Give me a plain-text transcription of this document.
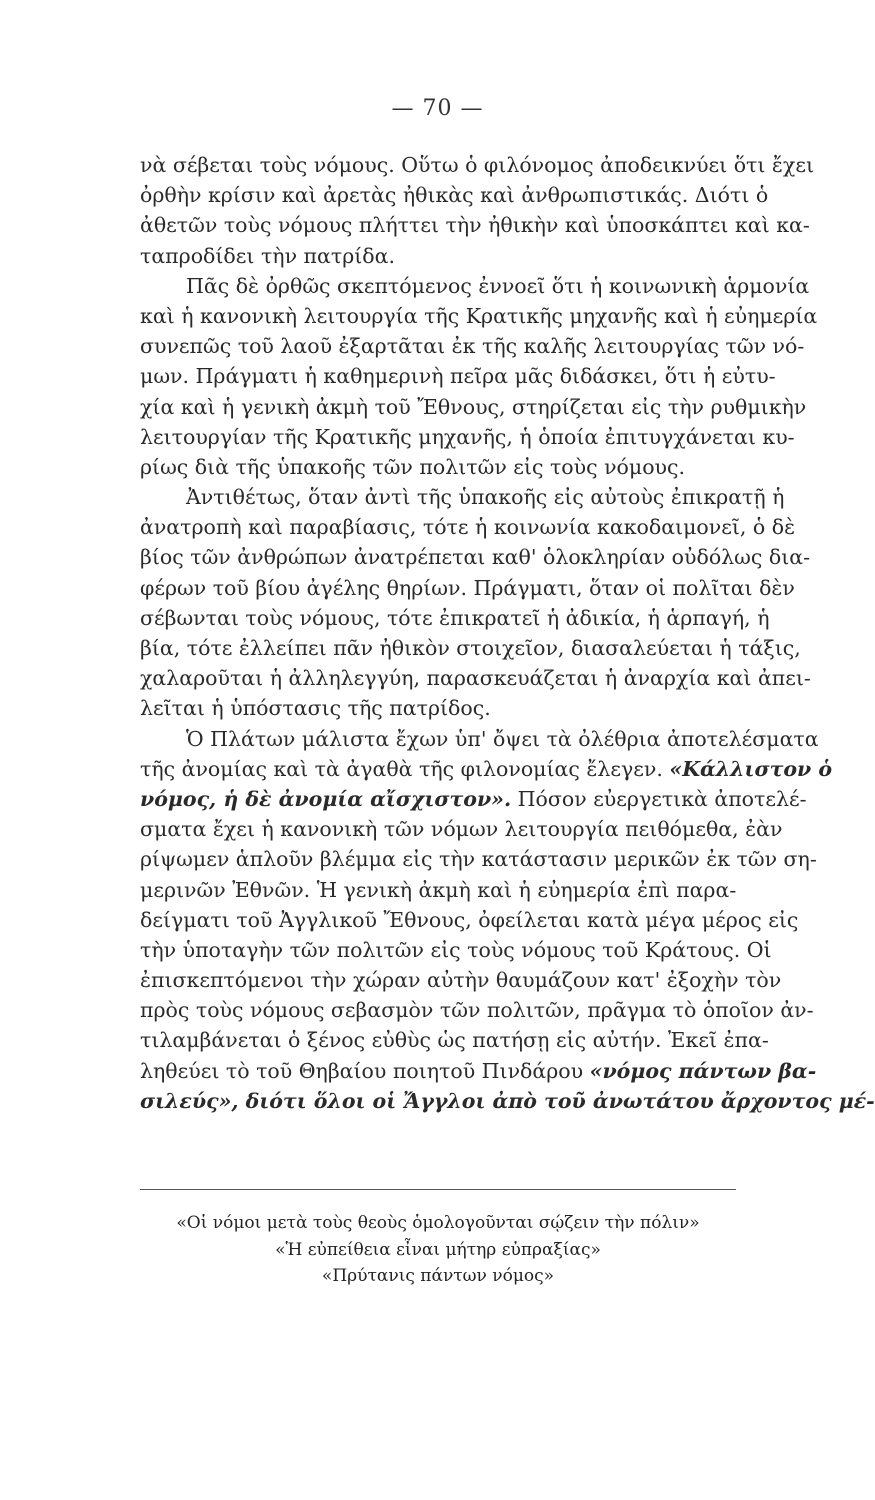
— 70 —
νὰ σέβεται τοὺς νόμους. Οὕτω ὁ φιλόνομος ἀποδεικνύει ὅτι ἔχει
ὀρθὴν κρίσιν καὶ ἀρετὰς ἠθικὰς καὶ ἀνθρωπιστικάς. Διότι ὁ
ἀθετῶν τοὺς νόμους πλήττει τὴν ἠθικὴν καὶ ὑποσκάπτει καὶ κα-
ταπροδίδει τὴν πατρίδα.
Πᾶς δὲ ὀρθῶς σκεπτόμενος ἐννοεῖ ὅτι ἡ κοινωνικὴ ἁρμονία
καὶ ἡ κανονικὴ λειτουργία τῆς Κρατικῆς μηχανῆς καὶ ἡ εὐημερία
συνεπῶς τοῦ λαοῦ ἐξαρτᾶται ἐκ τῆς καλῆς λειτουργίας τῶν νό-
μων. Πράγματι ἡ καθημερινὴ πεῖρα μᾶς διδάσκει, ὅτι ἡ εὐτυ-
χία καὶ ἡ γενικὴ ἀκμὴ τοῦ Ἔθνους, στηρίζεται εἰς τὴν ρυθμικὴν
λειτουργίαν τῆς Κρατικῆς μηχανῆς, ἡ ὁποία ἐπιτυγχάνεται κυ-
ρίως διὰ τῆς ὑπακοῆς τῶν πολιτῶν εἰς τοὺς νόμους.
Ἀντιθέτως, ὅταν ἀντὶ τῆς ὑπακοῆς εἰς αὐτοὺς ἐπικρατῇ ἡ
ἀνατροπὴ καὶ παραβίασις, τότε ἡ κοινωνία κακοδαιμονεῖ, ὁ δὲ
βίος τῶν ἀνθρώπων ἀνατρέπεται καθ' ὁλοκληρίαν οὐδόλως δια-
φέρων τοῦ βίου ἀγέλης θηρίων. Πράγματι, ὅταν οἱ πολῖται δὲν
σέβωνται τοὺς νόμους, τότε ἐπικρατεῖ ἡ ἀδικία, ἡ ἁρπαγή, ἡ
βία, τότε ἐλλείπει πᾶν ἠθικὸν στοιχεῖον, διασαλεύεται ἡ τάξις,
χαλαροῦται ἡ ἀλληλεγγύη, παρασκευάζεται ἡ ἀναρχία καὶ ἀπει-
λεῖται ἡ ὑπόστασις τῆς πατρίδος.
Ὁ Πλάτων μάλιστα ἔχων ὑπ' ὄψει τὰ ὀλέθρια ἀποτελέσματα
τῆς ἀνομίας καὶ τὰ ἀγαθὰ τῆς φιλονομίας ἔλεγεν. «Κάλλιστον ὁ
νόμος, ἡ δὲ ἀνομία αἴσχιστον». Πόσον εὐεργετικὰ ἀποτελέ-
σματα ἔχει ἡ κανονικὴ τῶν νόμων λειτουργία πειθόμεθα, ἐὰν
ρίψωμεν ἁπλοῦν βλέμμα εἰς τὴν κατάστασιν μερικῶν ἐκ τῶν ση-
μερινῶν Ἐθνῶν. Ἡ γενικὴ ἀκμὴ καὶ ἡ εὐημερία ἐπὶ παρα-
δείγματι τοῦ Ἀγγλικοῦ Ἔθνους, ὀφείλεται κατὰ μέγα μέρος εἰς
τὴν ὑποταγὴν τῶν πολιτῶν εἰς τοὺς νόμους τοῦ Κράτους. Οἱ
ἐπισκεπτόμενοι τὴν χώραν αὐτὴν θαυμάζουν κατ' ἐξοχὴν τὸν
πρὸς τοὺς νόμους σεβασμὸν τῶν πολιτῶν, πρᾶγμα τὸ ὁποῖον ἀν-
τιλαμβάνεται ὁ ξένος εὐθὺς ὡς πατήσῃ εἰς αὐτήν. Ἐκεῖ ἐπα-
ληθεύει τὸ τοῦ Θηβαίου ποιητοῦ Πινδάρου «νόμος πάντων βα-
σιλεύς», διότι ὅλοι οἱ Ἄγγλοι ἀπὸ τοῦ ἀνωτάτου ἄρχοντος μέ-
«Οἱ νόμοι μετὰ τοὺς θεοὺς ὁμολογοῦνται σῴζειν τὴν πόλιν»
«Ἡ εὐπείθεια εἶναι μήτηρ εὐπραξίας»
«Πρύτανις πάντων νόμος»
